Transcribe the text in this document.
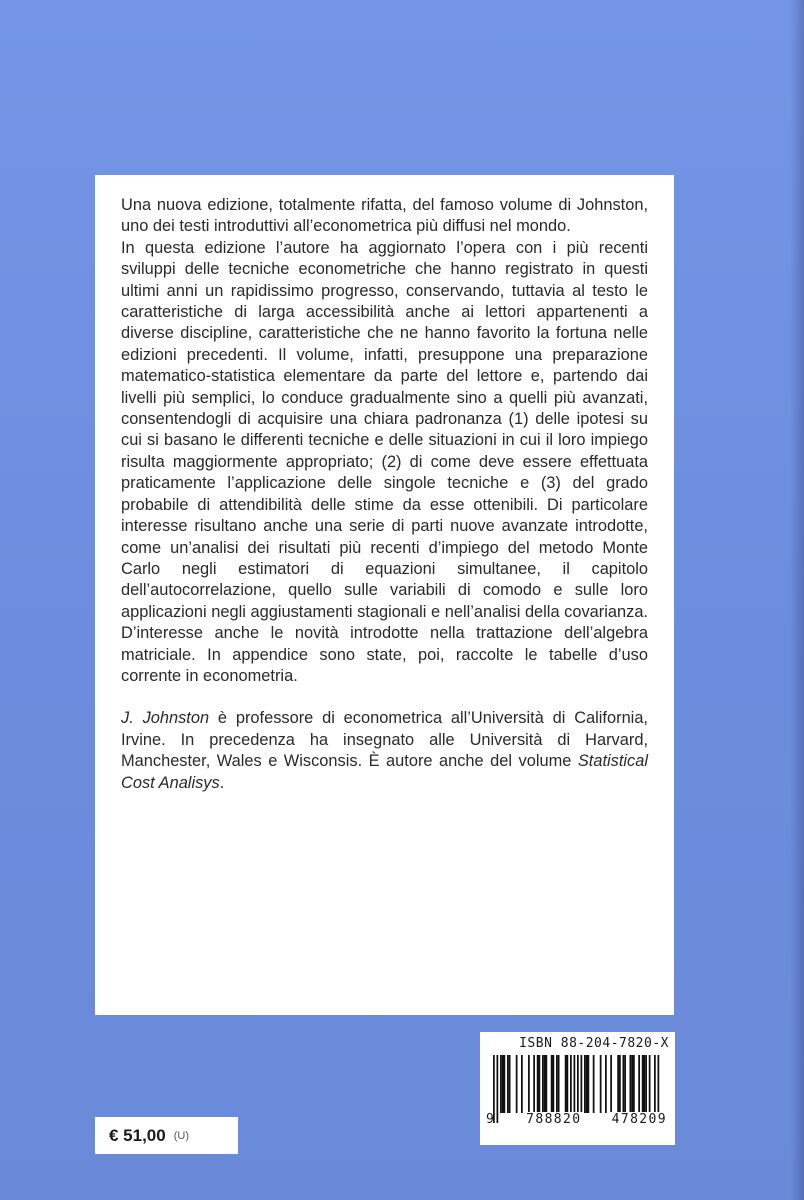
Una nuova edizione, totalmente rifatta, del famoso volume di Johnston, uno dei testi introduttivi all’econometrica più diffusi nel mondo.

In questa edizione l’autore ha aggiornato l’opera con i più recenti sviluppi delle tecniche econometriche che hanno registrato in questi ultimi anni un rapidissimo progresso, conservando, tuttavia al testo le caratteristiche di larga accessibilità anche ai lettori appartenenti a diverse discipline, caratteristiche che ne hanno favorito la fortuna nelle edizioni precedenti. Il volume, infatti, presuppone una preparazione matematico-statistica elementare da parte del lettore e, partendo dai livelli più semplici, lo conduce gradualmente sino a quelli più avanzati, consentendogli di acquisire una chiara padronanza (1) delle ipotesi su cui si basano le differenti tecniche e delle situazioni in cui il loro impiego risulta maggiormente appropriato; (2) di come deve essere effettuata praticamente l’applicazione delle singole tecniche e (3) del grado probabile di attendibilità delle stime da esse ottenibili. Di particolare interesse risultano anche una serie di parti nuove avanzate introdotte, come un’analisi dei risultati più recenti d’impiego del metodo Monte Carlo negli estimatori di equazioni simultanee, il capitolo dell’autocorrelazione, quello sulle variabili di comodo e sulle loro applicazioni negli aggiustamenti stagionali e nell’analisi della covarianza. D’interesse anche le novità introdotte nella trattazione dell’algebra matriciale. In appendice sono state, poi, raccolte le tabelle d’uso corrente in econometria.

J. Johnston è professore di econometrica all’Università di California, Irvine. In precedenza ha insegnato alle Università di Harvard, Manchester, Wales e Wisconsis. È autore anche del volume Statistical Cost Analisys.

ISBN 88-204-7820-X

9 788820 478209
€ 51,00 (U)
